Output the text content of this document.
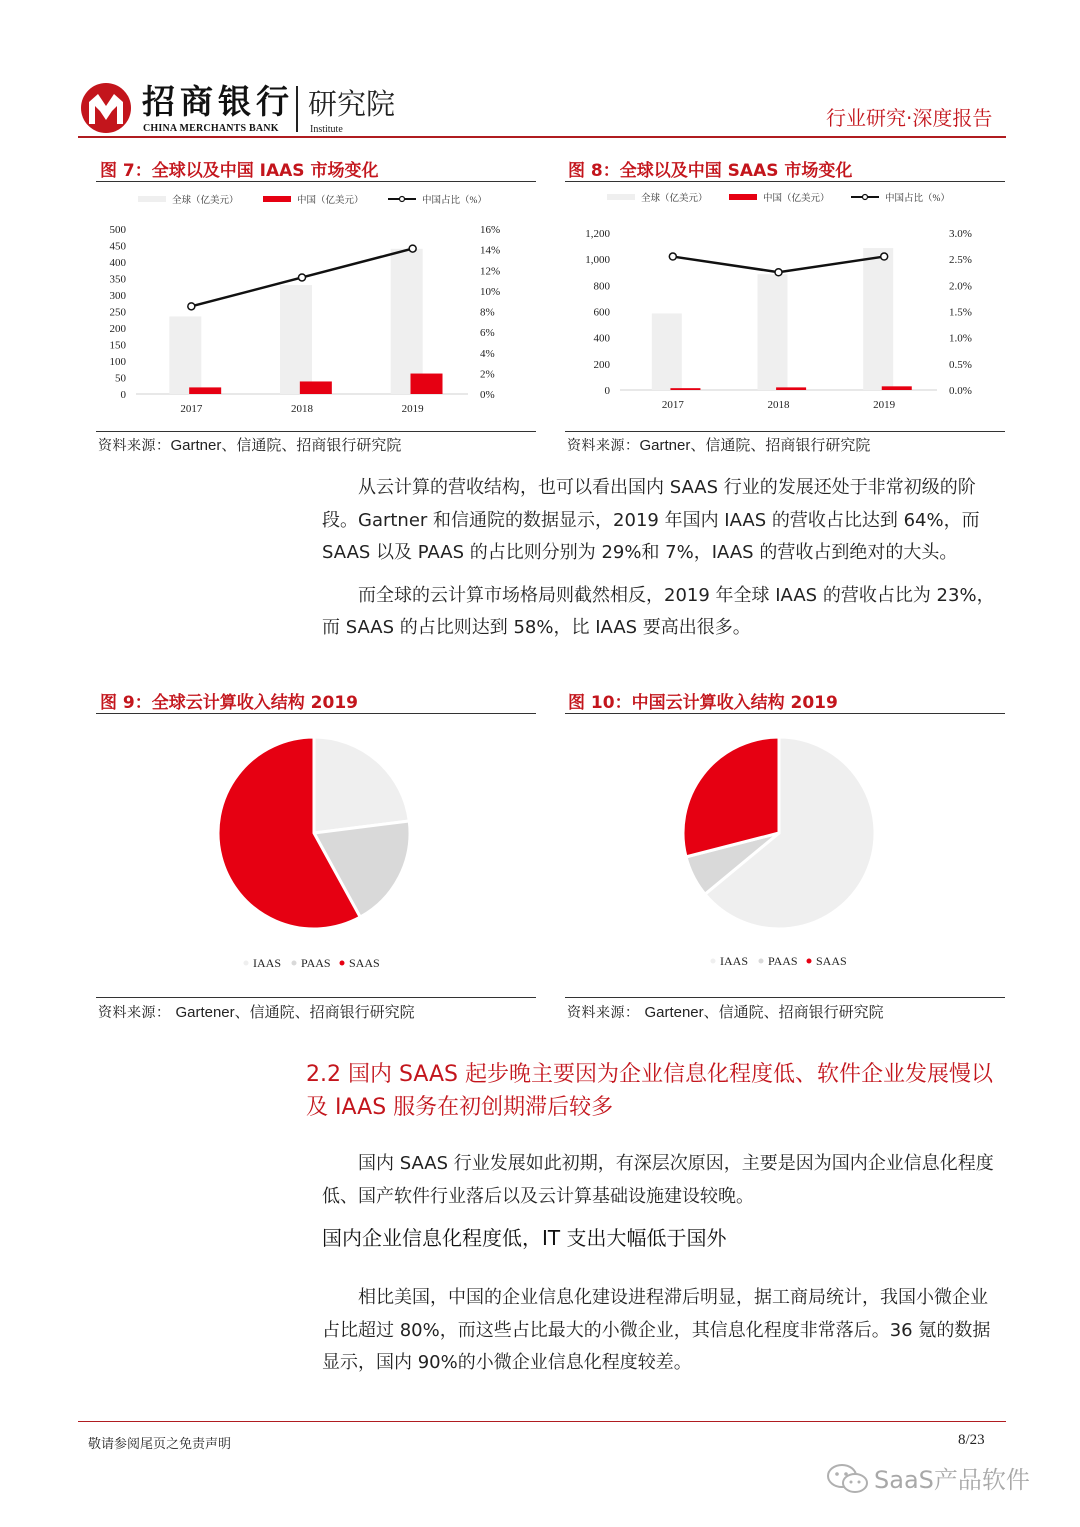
招商银行
CHINA MERCHANTS BANK
研究院
Institute	行业研究·深度报告
图 7：全球以及中国 IAAS 市场变化
0
50
100
150
200
250
300
350
400
450
500
0%
2%
4%
6%
8%
10%
12%
14%
16%
2017	2018	2019
全球（亿美元）	中国（亿美元）	中国占比（%）
资料来源：Gartner、信通院、招商银行研究院
图 8：全球以及中国 SAAS 市场变化
0
200
400
600
800
1,000
1,200
0.0%
0.5%
1.0%
1.5%
2.0%
2.5%
3.0%
2017	2018	2019
全球（亿美元）	中国（亿美元）	中国占比（%）
资料来源：Gartner、信通院、招商银行研究院

从云计算的营收结构，也可以看出国内 SAAS 行业的发展还处于非常初级的阶段。Gartner 和信通院的数据显示，2019 年国内 IAAS 的营收占比达到 64%，而 SAAS 以及 PAAS 的占比则分别为 29%和 7%，IAAS 的营收占到绝对的大头。

而全球的云计算市场格局则截然相反，2019 年全球 IAAS 的营收占比为 23%，而 SAAS 的占比则达到 58%，比 IAAS 要高出很多。

图 9：全球云计算收入结构 2019
IAAS PAAS SAAS
资料来源： Gartener、信通院、招商银行研究院
图 10：中国云计算收入结构 2019
IAAS PAAS SAAS
资料来源： Gartener、信通院、招商银行研究院
2.2 国内 SAAS 起步晚主要因为企业信息化程度低、软件企业发展慢以及 IAAS 服务在初创期滞后较多

国内 SAAS 行业发展如此初期，有深层次原因，主要是因为国内企业信息化程度低、国产软件行业落后以及云计算基础设施建设较晚。

国内企业信息化程度低，IT 支出大幅低于国外

相比美国，中国的企业信息化建设进程滞后明显，据工商局统计，我国小微企业占比超过 80%，而这些占比最大的小微企业，其信息化程度非常落后。36 氪的数据显示，国内 90%的小微企业信息化程度较差。

敬请参阅尾页之免责声明	8/23
SaaS产品软件
